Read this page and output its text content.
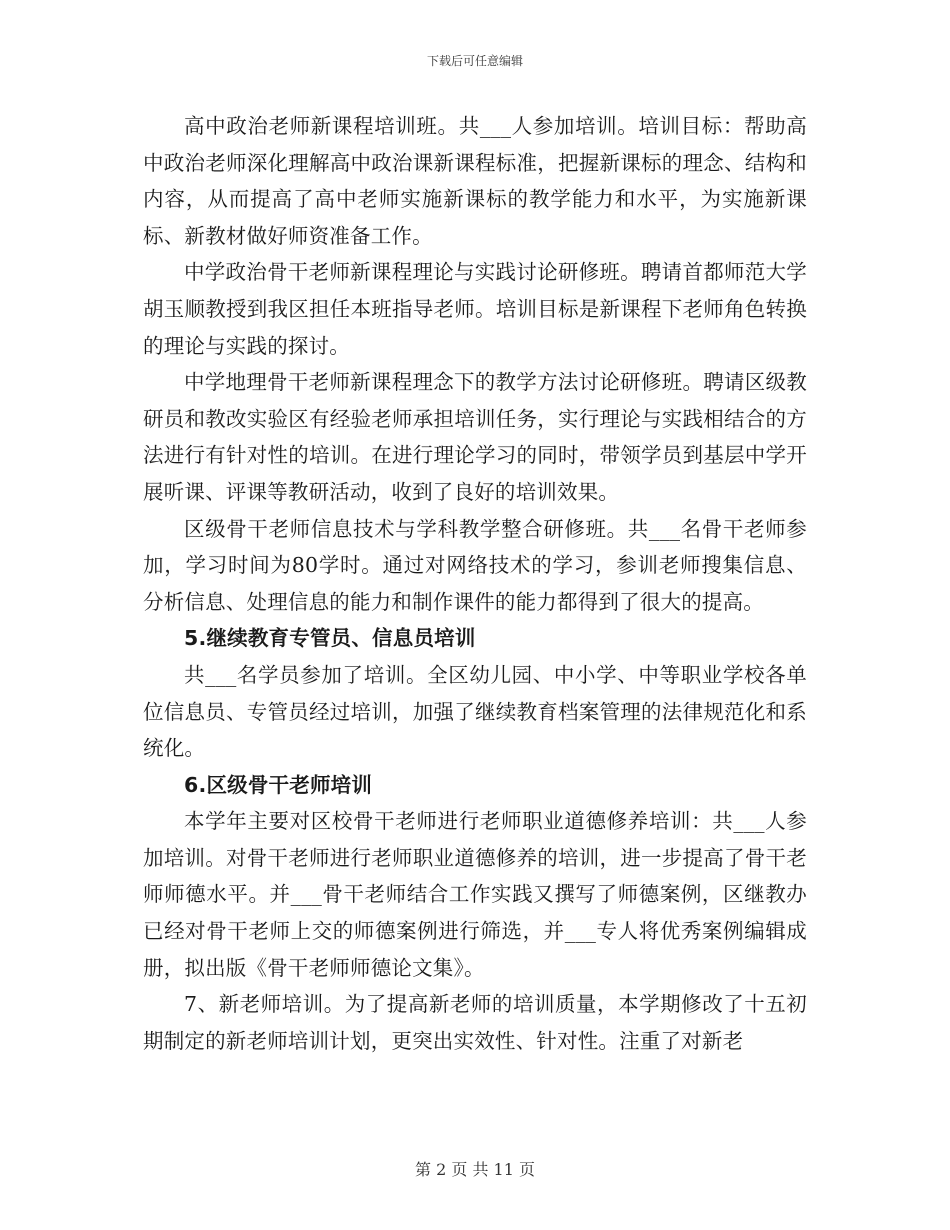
下载后可任意编辑

高中政治老师新课程培训班。共___人参加培训。培训目标：帮助高中政治老师深化理解高中政治课新课程标准，把握新课标的理念、结构和内容，从而提高了高中老师实施新课标的教学能力和水平，为实施新课标、新教材做好师资准备工作。

中学政治骨干老师新课程理论与实践讨论研修班。聘请首都师范大学胡玉顺教授到我区担任本班指导老师。培训目标是新课程下老师角色转换的理论与实践的探讨。

中学地理骨干老师新课程理念下的教学方法讨论研修班。聘请区级教研员和教改实验区有经验老师承担培训任务，实行理论与实践相结合的方法进行有针对性的培训。在进行理论学习的同时，带领学员到基层中学开展听课、评课等教研活动，收到了良好的培训效果。

区级骨干老师信息技术与学科教学整合研修班。共___名骨干老师参加，学习时间为80学时。通过对网络技术的学习，参训老师搜集信息、分析信息、处理信息的能力和制作课件的能力都得到了很大的提高。

5.继续教育专管员、信息员培训

共___名学员参加了培训。全区幼儿园、中小学、中等职业学校各单位信息员、专管员经过培训，加强了继续教育档案管理的法律规范化和系统化。

6.区级骨干老师培训

本学年主要对区校骨干老师进行老师职业道德修养培训：共___人参加培训。对骨干老师进行老师职业道德修养的培训，进一步提高了骨干老师师德水平。并___骨干老师结合工作实践又撰写了师德案例，区继教办已经对骨干老师上交的师德案例进行筛选，并___专人将优秀案例编辑成册，拟出版《骨干老师师德论文集》。

7、新老师培训。为了提高新老师的培训质量，本学期修改了十五初期制定的新老师培训计划，更突出实效性、针对性。注重了对新老

第 2 页 共 11 页
